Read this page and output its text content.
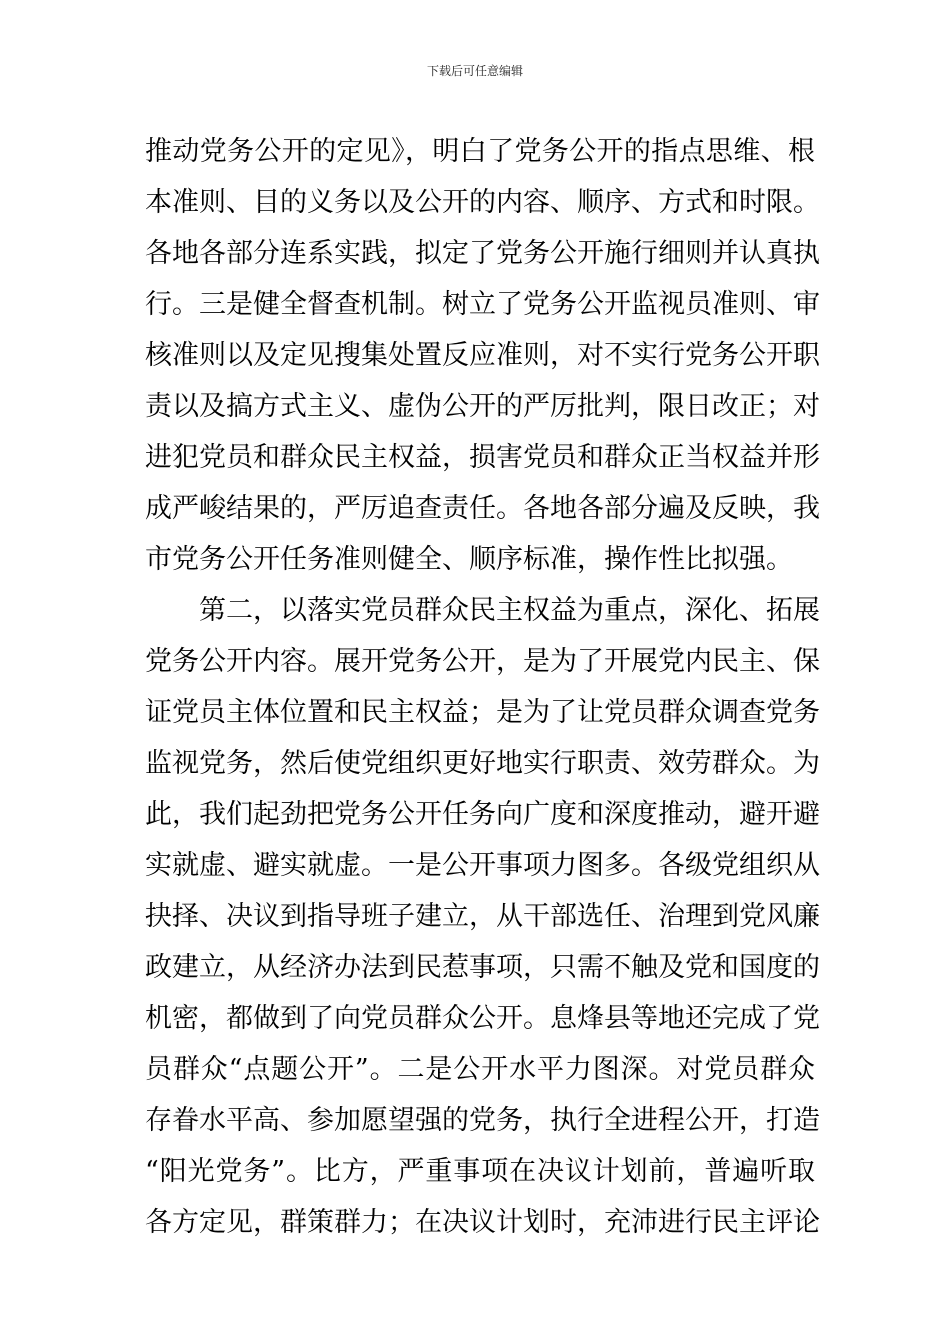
下载后可任意编辑
推动党务公开的定见》，明白了党务公开的指点思维、根
本准则、目的义务以及公开的内容、顺序、方式和时限。
各地各部分连系实践，拟定了党务公开施行细则并认真执
行。三是健全督查机制。树立了党务公开监视员准则、审
核准则以及定见搜集处置反应准则，对不实行党务公开职
责以及搞方式主义、虚伪公开的严厉批判，限日改正；对
进犯党员和群众民主权益，损害党员和群众正当权益并形
成严峻结果的，严厉追查责任。各地各部分遍及反映，我
市党务公开任务准则健全、顺序标准，操作性比拟强。
第二，以落实党员群众民主权益为重点，深化、拓展
党务公开内容。展开党务公开，是为了开展党内民主、保
证党员主体位置和民主权益；是为了让党员群众调查党务
监视党务，然后使党组织更好地实行职责、效劳群众。为
此，我们起劲把党务公开任务向广度和深度推动，避开避
实就虚、避实就虚。一是公开事项力图多。各级党组织从
抉择、决议到指导班子建立，从干部选任、治理到党风廉
政建立，从经济办法到民惹事项，只需不触及党和国度的
机密，都做到了向党员群众公开。息烽县等地还完成了党
员群众“点题公开”。二是公开水平力图深。对党员群众
存眷水平高、参加愿望强的党务，执行全进程公开，打造
“阳光党务”。比方，严重事项在决议计划前，普遍听取
各方定见，群策群力；在决议计划时，充沛进行民主评论
